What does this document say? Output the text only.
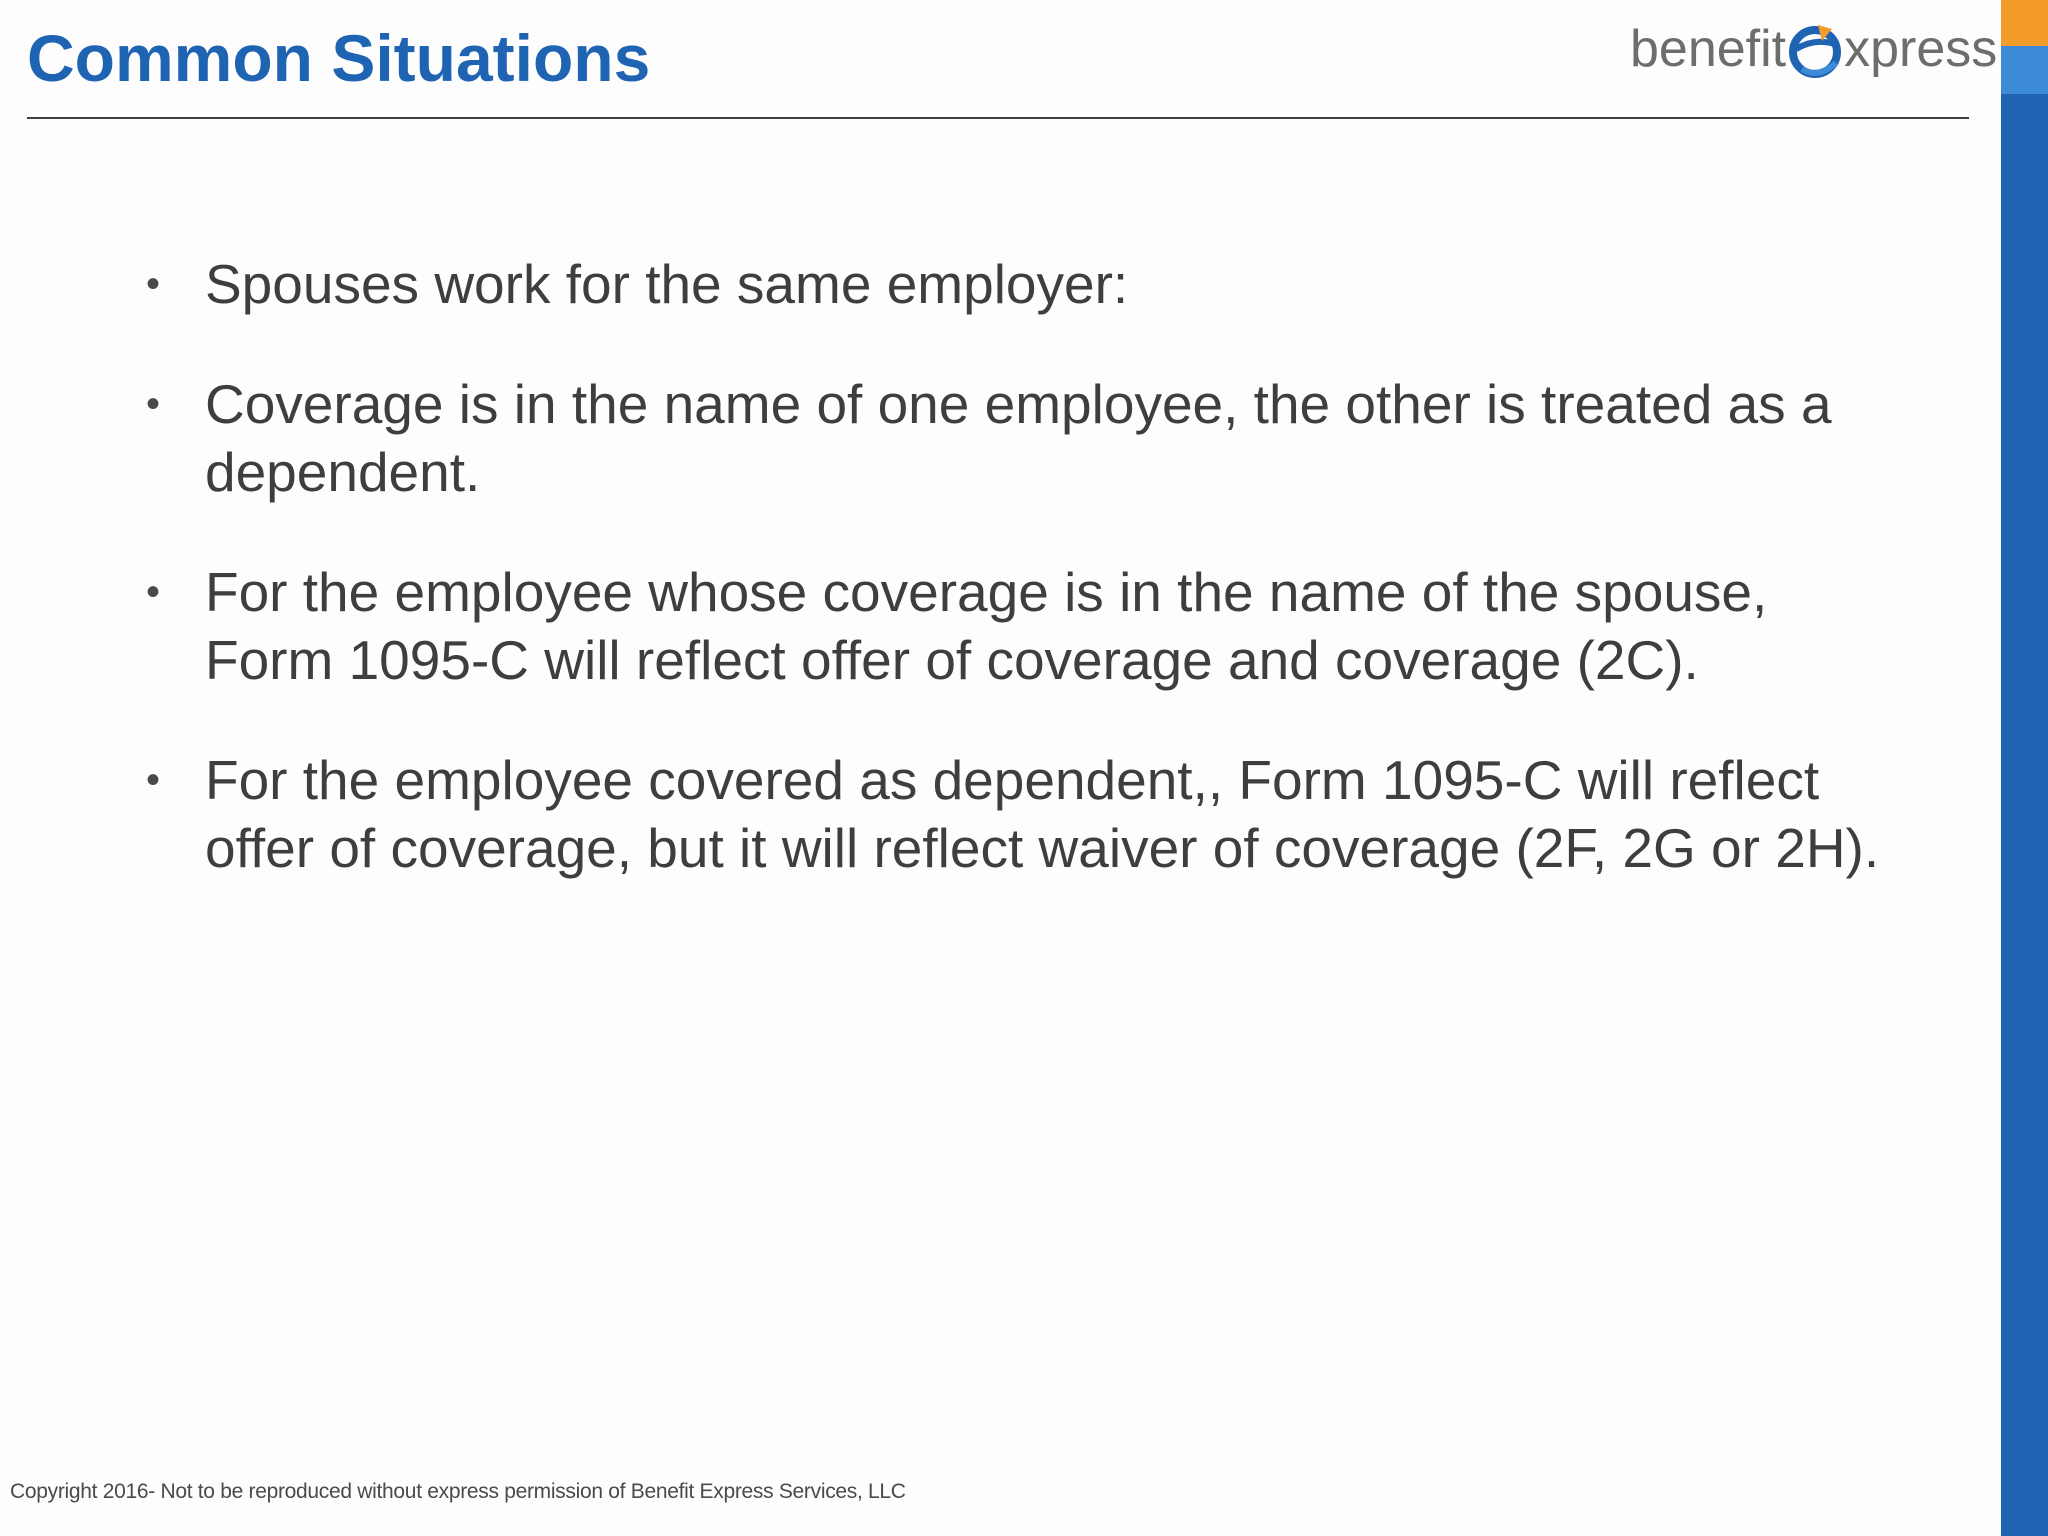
Common Situations	benefit xpress
• Spouses work for the same employer:
• Coverage is in the name of one employee, the other is treated as a dependent.
• For the employee whose coverage is in the name of the spouse, Form 1095-C will reflect offer of coverage and coverage (2C).
• For the employee covered as dependent,, Form 1095-C will reflect offer of coverage, but it will reflect waiver of coverage (2F, 2G or 2H).
Copyright 2016- Not to be reproduced without express permission of Benefit Express Services, LLC
